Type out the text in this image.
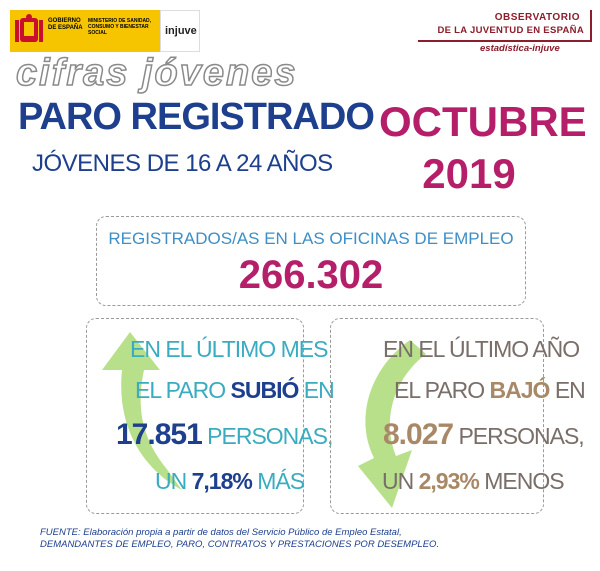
GOBIERNO DE ESPAÑA
MINISTERIO DE SANIDAD, CONSUMO Y BIENESTAR SOCIAL	injuve
OBSERVATORIO
DE LA JUVENTUD EN ESPAÑA
estadística-injuve
cifras jóvenes
PARO REGISTRADO
JÓVENES DE 16 A 24 AÑOS
OCTUBRE
2019
REGISTRADOS/AS EN LAS OFICINAS DE EMPLEO
266.302
EN EL ÚLTIMO MES
EL PARO SUBIÓ EN
17.851 PERSONAS,
UN 7,18% MÁS
EN EL ÚLTIMO AÑO
EL PARO BAJÓ EN
8.027 PERSONAS,
UN 2,93% MENOS
FUENTE: Elaboración propia a partir de datos del Servicio Público de Empleo Estatal,
DEMANDANTES DE EMPLEO, PARO, CONTRATOS Y PRESTACIONES POR DESEMPLEO.
